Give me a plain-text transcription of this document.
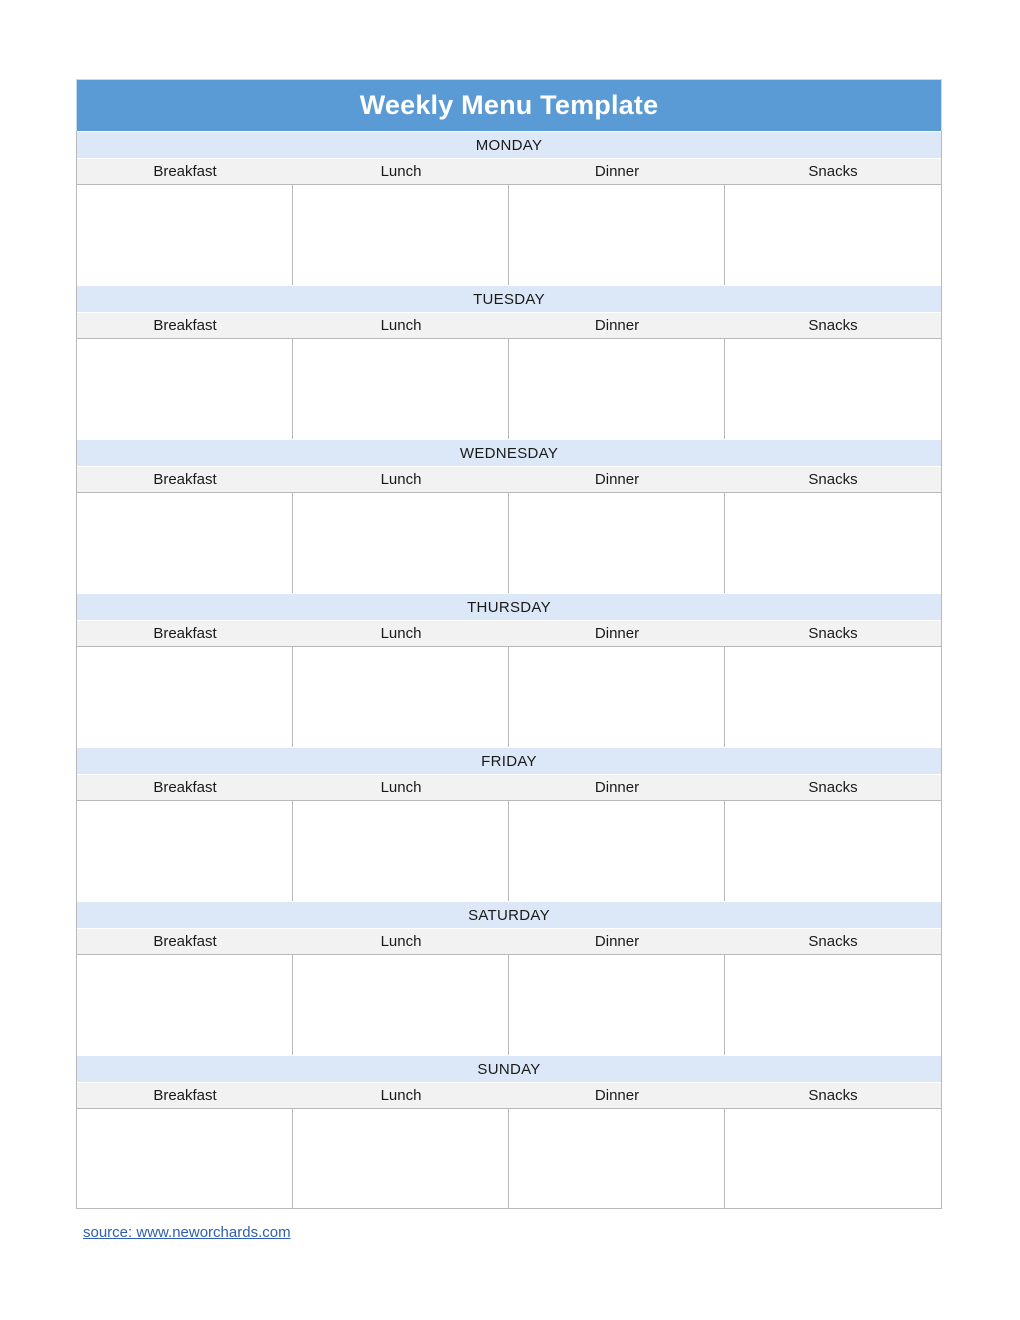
Weekly Menu Template
MONDAY
Breakfast	Lunch	Dinner	Snacks
TUESDAY
Breakfast	Lunch	Dinner	Snacks
WEDNESDAY
Breakfast	Lunch	Dinner	Snacks
THURSDAY
Breakfast	Lunch	Dinner	Snacks
FRIDAY
Breakfast	Lunch	Dinner	Snacks
SATURDAY
Breakfast	Lunch	Dinner	Snacks
SUNDAY
Breakfast	Lunch	Dinner	Snacks
source: www.neworchards.com
